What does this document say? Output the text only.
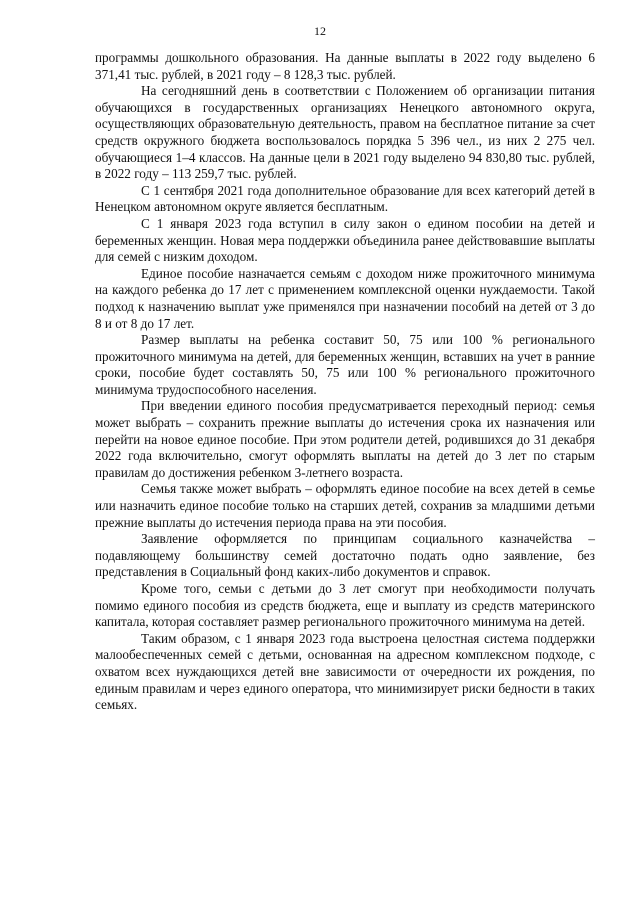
12

программы дошкольного образования. На данные выплаты в 2022 году выделено 6 371,41 тыс. рублей, в 2021 году – 8 128,3 тыс. рублей.

На сегодняшний день в соответствии с Положением об организации питания обучающихся в государственных организациях Ненецкого автономного округа, осуществляющих образовательную деятельность, правом на бесплатное питание за счет средств окружного бюджета воспользовалось порядка 5 396 чел., из них 2 275 чел. обучающиеся 1–4 классов. На данные цели в 2021 году выделено 94 830,80 тыс. рублей, в 2022 году – 113 259,7 тыс. рублей.

С 1 сентября 2021 года дополнительное образование для всех категорий детей в Ненецком автономном округе является бесплатным.

С 1 января 2023 года вступил в силу закон о едином пособии на детей и беременных женщин. Новая мера поддержки объединила ранее действовавшие выплаты для семей с низким доходом.

Единое пособие назначается семьям с доходом ниже прожиточного минимума на каждого ребенка до 17 лет с применением комплексной оценки нуждаемости. Такой подход к назначению выплат уже применялся при назначении пособий на детей от 3 до 8 и от 8 до 17 лет.

Размер выплаты на ребенка составит 50, 75 или 100 % регионального прожиточного минимума на детей, для беременных женщин, вставших на учет в ранние сроки, пособие будет составлять 50, 75 или 100 % регионального прожиточного минимума трудоспособного населения.

При введении единого пособия предусматривается переходный период: семья может выбрать – сохранить прежние выплаты до истечения срока их назначения или перейти на новое единое пособие. При этом родители детей, родившихся до 31 декабря 2022 года включительно, смогут оформлять выплаты на детей до 3 лет по старым правилам до достижения ребенком 3-летнего возраста.

Семья также может выбрать – оформлять единое пособие на всех детей в семье или назначить единое пособие только на старших детей, сохранив за младшими детьми прежние выплаты до истечения периода права на эти пособия.

Заявление оформляется по принципам социального казначейства – подавляющему большинству семей достаточно подать одно заявление, без представления в Социальный фонд каких-либо документов и справок.

Кроме того, семьи с детьми до 3 лет смогут при необходимости получать помимо единого пособия из средств бюджета, еще и выплату из средств материнского капитала, которая составляет размер регионального прожиточного минимума на детей.

Таким образом, с 1 января 2023 года выстроена целостная система поддержки малообеспеченных семей с детьми, основанная на адресном комплексном подходе, с охватом всех нуждающихся детей вне зависимости от очередности их рождения, по единым правилам и через единого оператора, что минимизирует риски бедности в таких семьях.
